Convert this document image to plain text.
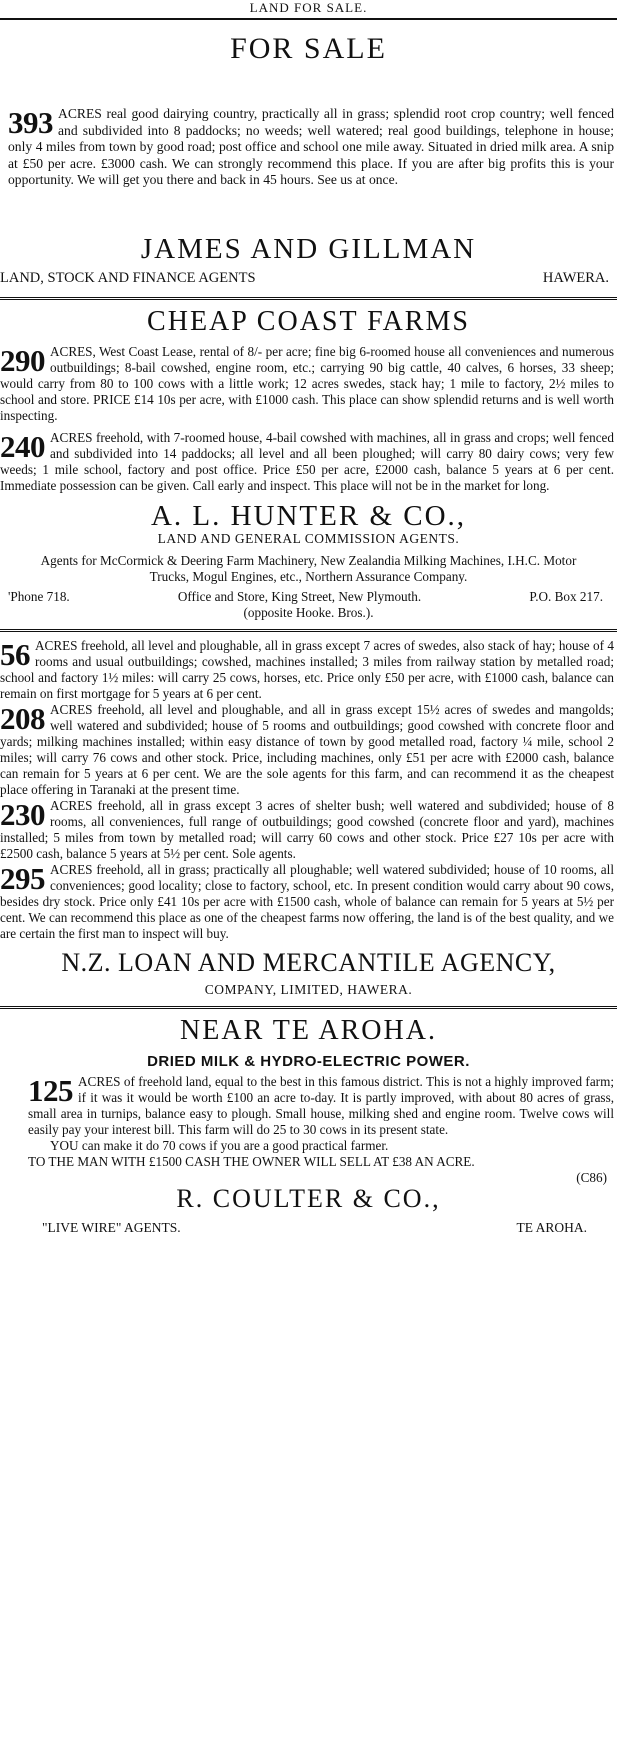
LAND FOR SALE.
FOR SALE
393 ACRES real good dairying country, practically all in grass; splendid root crop country; well fenced and subdivided into 8 paddocks; no weeds; well watered; real good buildings, telephone in house; only 4 miles from town by good road; post office and school one mile away. Situated in dried milk area. A snip at £50 per acre. £3000 cash. We can strongly recommend this place. If you are after big profits this is your opportunity. We will get you there and back in 45 hours. See us at once.
JAMES AND GILLMAN
LAND, STOCK AND FINANCE AGENTS	HAWERA.
CHEAP COAST FARMS
290 ACRES, West Coast Lease, rental of 8/- per acre; fine big 6-roomed house all conveniences and numerous outbuildings; 8-bail cowshed, engine room, etc.; carrying 90 big cattle, 40 calves, 6 horses, 33 sheep; would carry from 80 to 100 cows with a little work; 12 acres swedes, stack hay; 1 mile to factory, 2½ miles to school and store. PRICE £14 10s per acre, with £1000 cash. This place can show splendid returns and is well worth inspecting.
240 ACRES freehold, with 7-roomed house, 4-bail cowshed with machines, all in grass and crops; well fenced and subdivided into 14 paddocks; all level and all been ploughed; will carry 80 dairy cows; very few weeds; 1 mile school, factory and post office. Price £50 per acre, £2000 cash, balance 5 years at 6 per cent. Immediate possession can be given. Call early and inspect. This place will not be in the market for long.
A. L. HUNTER & CO.,
LAND AND GENERAL COMMISSION AGENTS.
Agents for McCormick & Deering Farm Machinery, New Zealandia Milking Machines, I.H.C. Motor Trucks, Mogul Engines, etc., Northern Assurance Company.
'Phone 718.	Office and Store, King Street, New Plymouth.	P.O. Box 217.
(opposite Hooke. Bros.).
56 ACRES freehold, all level and ploughable, all in grass except 7 acres of swedes, also stack of hay; house of 4 rooms and usual outbuildings; cowshed, machines installed; 3 miles from railway station by metalled road; school and factory 1½ miles: will carry 25 cows, horses, etc. Price only £50 per acre, with £1000 cash, balance can remain on first mortgage for 5 years at 6 per cent.
208 ACRES freehold, all level and ploughable, and all in grass except 15½ acres of swedes and mangolds; well watered and subdivided; house of 5 rooms and outbuildings; good cowshed with concrete floor and yards; milking machines installed; within easy distance of town by good metalled road, factory ¼ mile, school 2 miles; will carry 76 cows and other stock. Price, including machines, only £51 per acre with £2000 cash, balance can remain for 5 years at 6 per cent. We are the sole agents for this farm, and can recommend it as the cheapest place offering in Taranaki at the present time.
230 ACRES freehold, all in grass except 3 acres of shelter bush; well watered and subdivided; house of 8 rooms, all conveniences, full range of outbuildings; good cowshed (concrete floor and yard), machines installed; 5 miles from town by metalled road; will carry 60 cows and other stock. Price £27 10s per acre with £2500 cash, balance 5 years at 5½ per cent. Sole agents.
295 ACRES freehold, all in grass; practically all ploughable; well watered subdivided; house of 10 rooms, all conveniences; good locality; close to factory, school, etc. In present condition would carry about 90 cows, besides dry stock. Price only £41 10s per acre with £1500 cash, whole of balance can remain for 5 years at 5½ per cent. We can recommend this place as one of the cheapest farms now offering, the land is of the best quality, and we are certain the first man to inspect will buy.
N.Z. LOAN AND MERCANTILE AGENCY,
COMPANY, LIMITED, HAWERA.
NEAR TE AROHA.
DRIED MILK & HYDRO-ELECTRIC POWER.
125 ACRES of freehold land, equal to the best in this famous district. This is not a highly improved farm; if it was it would be worth £100 an acre to-day. It is partly improved, with about 80 acres of grass, small area in turnips, balance easy to plough. Small house, milking shed and engine room. Twelve cows will easily pay your interest bill. This farm will do 25 to 30 cows in its present state.
YOU can make it do 70 cows if you are a good practical farmer.
TO THE MAN WITH £1500 CASH THE OWNER WILL SELL AT £38 AN ACRE.
(C86)
R. COULTER & CO.,
"LIVE WIRE" AGENTS.	TE AROHA.
